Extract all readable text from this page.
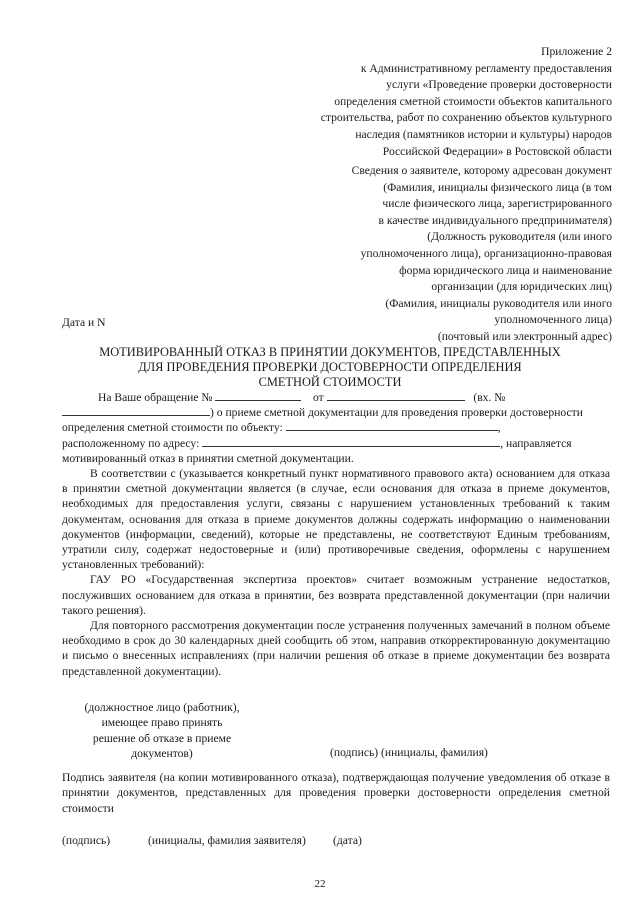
Приложение 2
к Административному регламенту предоставления
услуги «Проведение проверки достоверности
определения сметной стоимости объектов капитального
строительства, работ по сохранению объектов культурного
наследия (памятников истории и культуры) народов
Российской Федерации» в Ростовской области
Сведения о заявителе, которому адресован документ
(Фамилия, инициалы физического лица (в том
числе физического лица, зарегистрированного
в качестве индивидуального предпринимателя)
(Должность руководителя (или иного
уполномоченного лица), организационно-правовая
форма юридического лица и наименование
организации (для юридических лиц)
(Фамилия, инициалы руководителя или иного
уполномоченного лица)
(почтовый или электронный адрес)
Дата и N
МОТИВИРОВАННЫЙ ОТКАЗ В ПРИНЯТИИ ДОКУМЕНТОВ, ПРЕДСТАВЛЕННЫХ
ДЛЯ ПРОВЕДЕНИЯ ПРОВЕРКИ ДОСТОВЕРНОСТИ ОПРЕДЕЛЕНИЯ
СМЕТНОЙ СТОИМОСТИ

На Ваше обращение №	от	(вх. №
) о приеме сметной документации для проведения проверки достоверности определения сметной стоимости по объекту:	,
расположенному по адресу:	, направляется мотивированный отказ в принятии сметной документации.

В соответствии с (указывается конкретный пункт нормативного правового акта) основанием для отказа в принятии сметной документации является (в случае, если основания для отказа в приеме документов, необходимых для предоставления услуги, связаны с нарушением установленных требований к таким документам, основания для отказа в приеме документов должны содержать информацию о наименовании документов (информации, сведений), которые не представлены, не соответствуют Единым требованиям, утратили силу, содержат недостоверные и (или) противоречивые сведения, оформлены с нарушением установленных требований):

ГАУ РО «Государственная экспертиза проектов» считает возможным устранение недостатков, послуживших основанием для отказа в принятии, без возврата представленной документации (при наличии такого решения).

Для повторного рассмотрения документации после устранения полученных замечаний в полном объеме необходимо в срок до 30 календарных дней сообщить об этом, направив откорректированную документацию и письмо о внесенных исправлениях (при наличии решения об отказе в приеме документации без возврата представленной документации).

(должностное лицо (работник),
имеющее право принять
решение об отказе в приеме
документов)	(подпись) (инициалы, фамилия)
Подпись заявителя (на копии мотивированного отказа), подтверждающая получение уведомления об отказе в принятии документов, представленных для проведения проверки достоверности определения сметной стоимости
(подпись)	(инициалы, фамилия заявителя) (дата)
22
